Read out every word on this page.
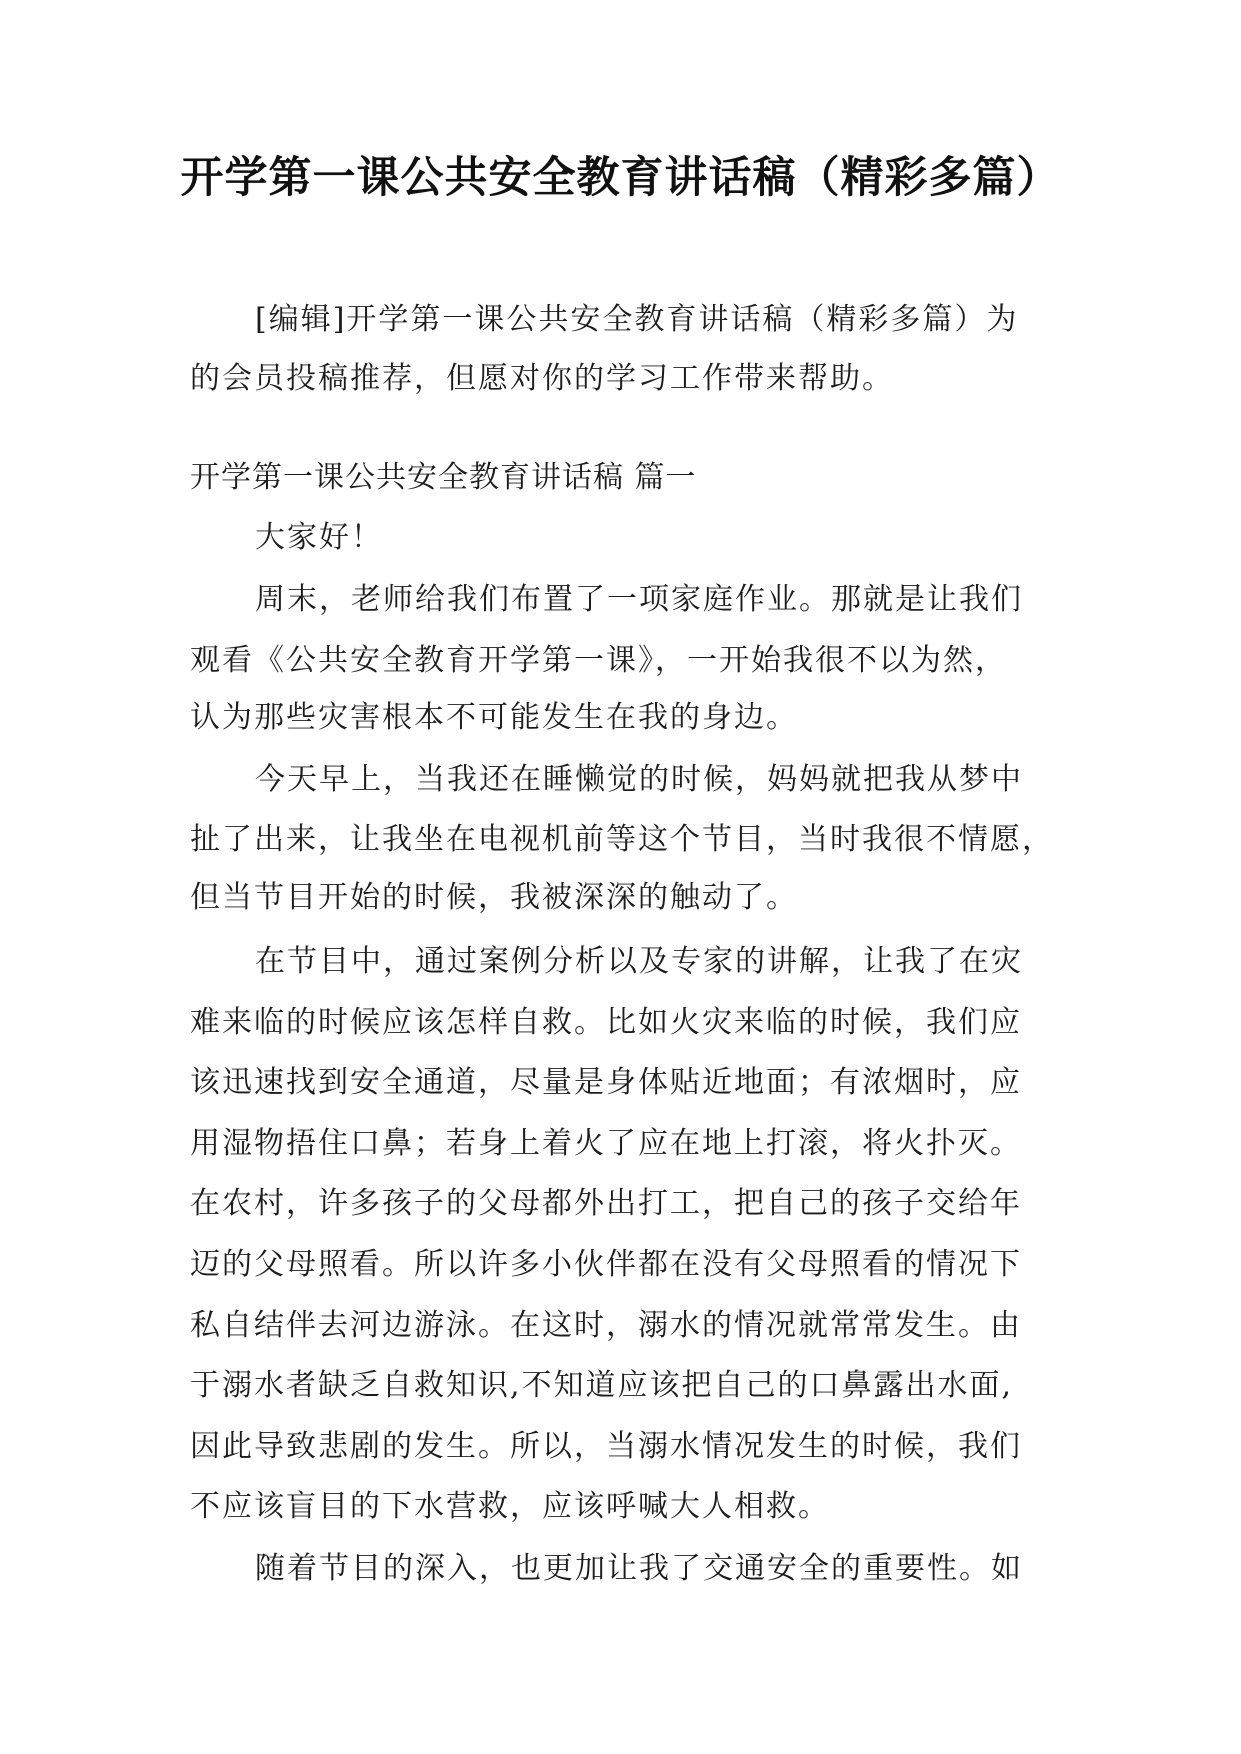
开学第一课公共安全教育讲话稿（精彩多篇）
[编辑]开学第一课公共安全教育讲话稿（精彩多篇）为
的会员投稿推荐，但愿对你的学习工作带来帮助。
开学第一课公共安全教育讲话稿 篇一
大家好！
周末，老师给我们布置了一项家庭作业。那就是让我们
观看《公共安全教育开学第一课》，一开始我很不以为然，
认为那些灾害根本不可能发生在我的身边。
今天早上，当我还在睡懒觉的时候，妈妈就把我从梦中
扯了出来，让我坐在电视机前等这个节目，当时我很不情愿，
但当节目开始的时候，我被深深的触动了。
在节目中，通过案例分析以及专家的讲解，让我了在灾
难来临的时候应该怎样自救。比如火灾来临的时候，我们应
该迅速找到安全通道，尽量是身体贴近地面；有浓烟时，应
用湿物捂住口鼻；若身上着火了应在地上打滚，将火扑灭。
在农村，许多孩子的父母都外出打工，把自己的孩子交给年
迈的父母照看。所以许多小伙伴都在没有父母照看的情况下
私自结伴去河边游泳。在这时，溺水的情况就常常发生。由
于溺水者缺乏自救知识,不知道应该把自己的口鼻露出水面,
因此导致悲剧的发生。所以，当溺水情况发生的时候，我们
不应该盲目的下水营救，应该呼喊大人相救。
随着节目的深入，也更加让我了交通安全的重要性。如
